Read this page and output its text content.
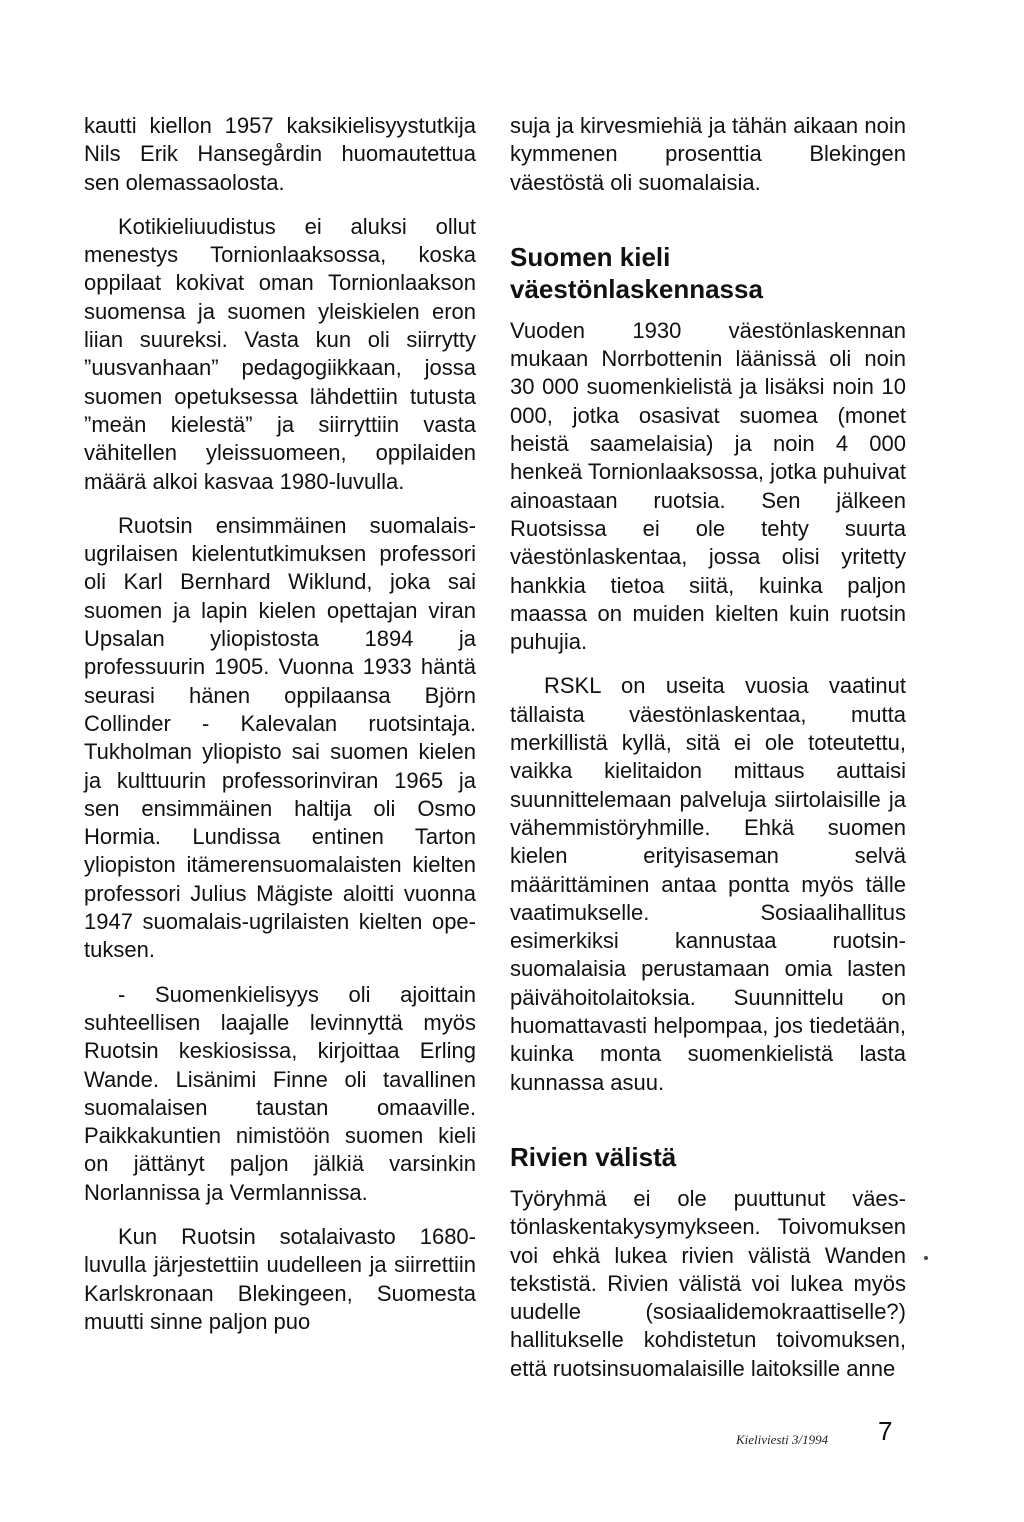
kautti kiellon 1957 kaksikielisyystutkija Nils Erik Hansegårdin huomautettua sen olemassaolosta.

Kotikieliuudistus ei aluksi ollut menestys Tornionlaaksossa, koska oppilaat kokivat oman Tornionlaakson suomensa ja suomen yleiskielen eron liian suureksi. Vasta kun oli siirrytty ”uusvanhaan” pedagogiikkaan, jossa suomen opetuksessa lähdettiin tutusta ”meän kielestä” ja siirryttiin vasta vähitellen yleissuomeen, oppilaiden määrä alkoi kasvaa 1980-luvulla.

Ruotsin ensimmäinen suomalais-ugrilaisen kielentutkimuksen professori oli Karl Bernhard Wiklund, joka sai suomen ja lapin kielen opettajan viran Upsalan yliopistosta 1894 ja professuurin 1905. Vuonna 1933 häntä seurasi hänen oppilaansa Björn Collinder - Kalevalan ruotsintaja. Tukholman yliopisto sai suomen kielen ja kulttuurin professorinviran 1965 ja sen ensimmäinen haltija oli Osmo Hormia. Lundissa entinen Tarton yliopiston itämerensuomalaisten kielten professori Julius Mägiste aloitti vuonna 1947 suomalais-ugrilaisten kielten opetuksen.

- Suomenkielisyys oli ajoittain suhteellisen laajalle levinnyttä myös Ruotsin keskiosissa, kirjoittaa Erling Wande. Lisänimi Finne oli tavallinen suomalaisen taustan omaaville. Paikkakuntien nimistöön suomen kieli on jättänyt paljon jälkiä varsinkin Norlannissa ja Vermlannissa.

Kun Ruotsin sotalaivasto 1680-luvulla järjestettiin uudelleen ja siirrettiin Karlskronaan Blekingeen, Suomesta muutti sinne paljon puo

suja ja kirvesmiehiä ja tähän aikaan noin kymmenen prosenttia Blekingen väestöstä oli suomalaisia.

Suomen kieli väestönlaskennassa

Vuoden 1930 väestönlaskennan mukaan Norrbottenin läänissä oli noin 30 000 suomenkielistä ja lisäksi noin 10 000, jotka osasivat suomea (monet heistä saamelaisia) ja noin 4 000 henkeä Tornionlaaksossa, jotka puhuivat ainoastaan ruotsia. Sen jälkeen Ruotsissa ei ole tehty suurta väestönlaskentaa, jossa olisi yritetty hankkia tietoa siitä, kuinka paljon maassa on muiden kielten kuin ruotsin puhujia.

RSKL on useita vuosia vaatinut tällaista väestönlaskentaa, mutta merkillistä kyllä, sitä ei ole toteutettu, vaikka kielitaidon mittaus auttaisi suunnittelemaan palveluja siirtolaisille ja vähemmistöryhmille. Ehkä suomen kielen erityisaseman selvä määrittäminen antaa pontta myös tälle vaatimukselle. Sosiaalihallitus esimerkiksi kannustaa ruotsinsuomalaisia perustamaan omia lasten päivähoitolaitoksia. Suunnittelu on huomattavasti helpompaa, jos tiedetään, kuinka monta suomenkielistä lasta kunnassa asuu.

Rivien välistä

Työryhmä ei ole puuttunut väestönlaskentakysymykseen. Toivomuksen voi ehkä lukea rivien välistä Wanden tekstistä. Rivien välistä voi lukea myös uudelle (sosiaalidemokraattiselle?) hallitukselle kohdistetun toivomuksen, että ruotsinsuomalaisille laitoksille anne

Kieliviesti 3/1994 7
